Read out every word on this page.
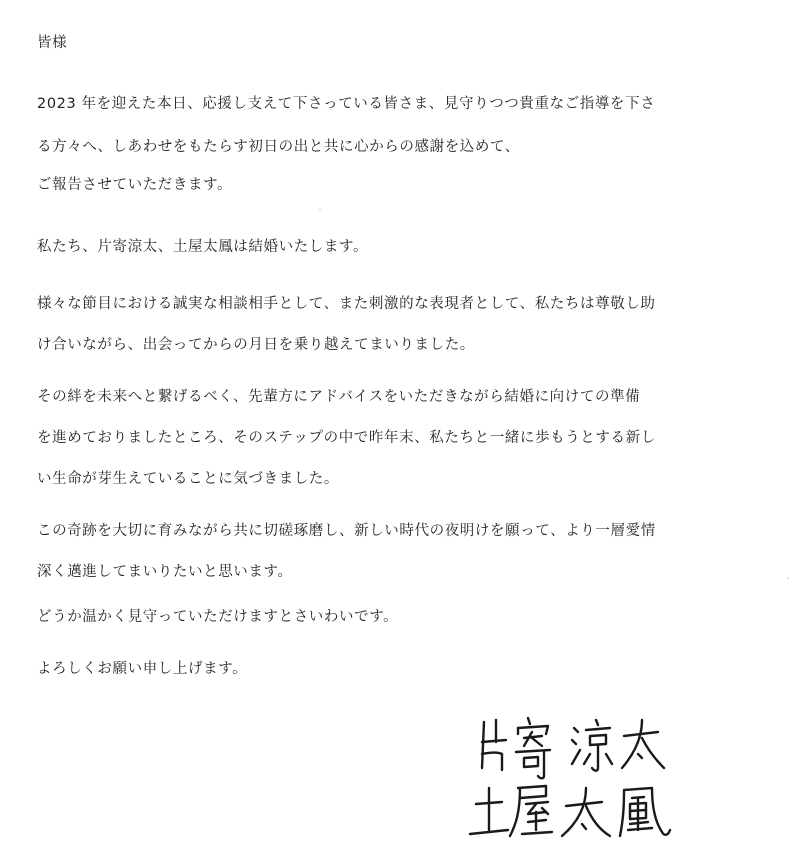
皆様
2023 年を迎えた本日、応援し支えて下さっている皆さま、見守りつつ貴重なご指導を下さ
る方々へ、しあわせをもたらす初日の出と共に心からの感謝を込めて、
ご報告させていただきます。
私たち、片寄涼太、土屋太鳳は結婚いたします。
様々な節目における誠実な相談相手として、また刺激的な表現者として、私たちは尊敬し助
け合いながら、出会ってからの月日を乗り越えてまいりました。
その絆を未来へと繋げるべく、先輩方にアドバイスをいただきながら結婚に向けての準備
を進めておりましたところ、そのステップの中で昨年末、私たちと一緒に歩もうとする新し
い生命が芽生えていることに気づきました。
この奇跡を大切に育みながら共に切磋琢磨し、新しい時代の夜明けを願って、より一層愛情
深く邁進してまいりたいと思います。
どうか温かく見守っていただけますとさいわいです。
よろしくお願い申し上げます。
